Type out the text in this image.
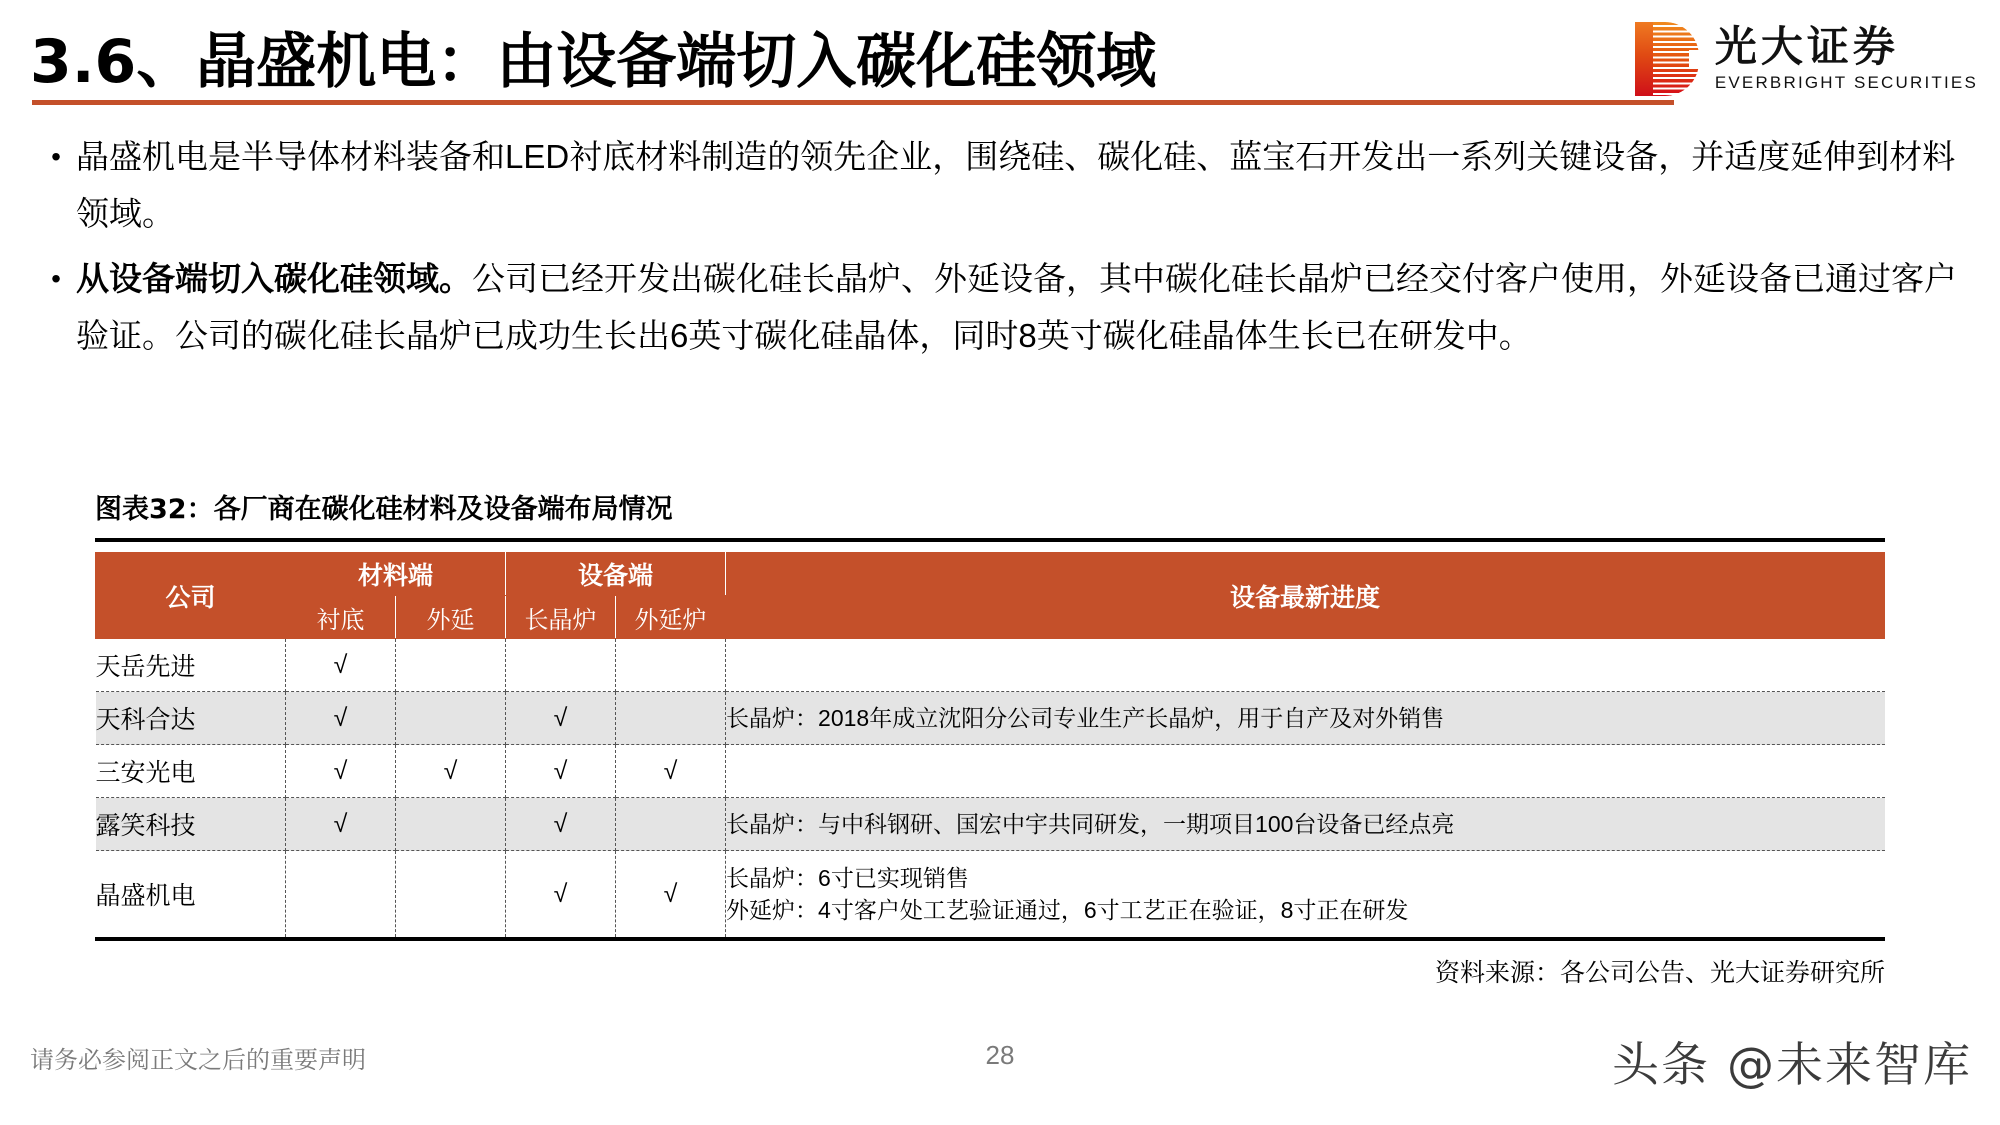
3.6、晶盛机电：由设备端切入碳化硅领域	光大证券
EVERBRIGHT SECURITIES
• 晶盛机电是半导体材料装备和LED衬底材料制造的领先企业，围绕硅、碳化硅、蓝宝石开发出一系列关键设备，并适度延伸到材料领域。
• 从设备端切入碳化硅领域。公司已经开发出碳化硅长晶炉、外延设备，其中碳化硅长晶炉已经交付客户使用，外延设备已通过客户验证。公司的碳化硅长晶炉已成功生长出6英寸碳化硅晶体，同时8英寸碳化硅晶体生长已在研发中。
图表32：各厂商在碳化硅材料及设备端布局情况
公司	材料端		设备端		设备最新进度
	衬底	外延	长晶炉	外延炉	
天岳先进	√				
天科合达	√		√		长晶炉：2018年成立沈阳分公司专业生产长晶炉，用于自产及对外销售
三安光电	√	√	√	√	
露笑科技	√		√		长晶炉：与中科钢研、国宏中宇共同研发，一期项目100台设备已经点亮
晶盛机电			√	√	长晶炉：6寸已实现销售
外延炉：4寸客户处工艺验证通过，6寸工艺正在验证，8寸正在研发
资料来源：各公司公告、光大证券研究所
请务必参阅正文之后的重要声明	28	头条 @未来智库
